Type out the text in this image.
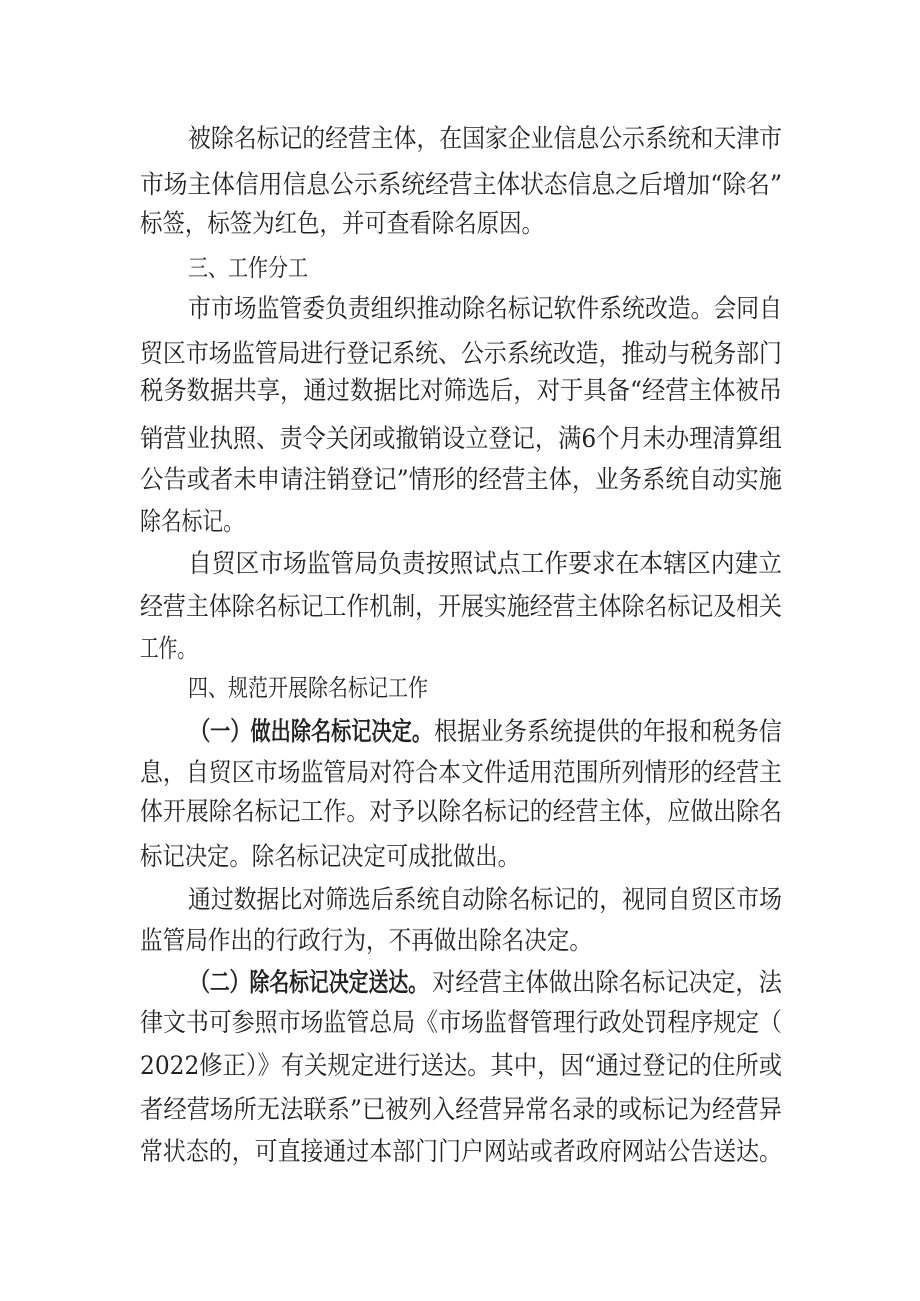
被除名标记的经营主体，在国家企业信息公示系统和天津市
市场主体信用信息公示系统经营主体状态信息之后增加“除名”
标签，标签为红色，并可查看除名原因。
三、工作分工
市市场监管委负责组织推动除名标记软件系统改造。会同自
贸区市场监管局进行登记系统、公示系统改造，推动与税务部门
税务数据共享，通过数据比对筛选后，对于具备“经营主体被吊
销营业执照、责令关闭或撤销设立登记，满6个月未办理清算组
公告或者未申请注销登记”情形的经营主体，业务系统自动实施
除名标记。
自贸区市场监管局负责按照试点工作要求在本辖区内建立
经营主体除名标记工作机制，开展实施经营主体除名标记及相关
工作。
四、规范开展除名标记工作
（一）做出除名标记决定。 根据业务系统提供的年报和税务信
息，自贸区市场监管局对符合本文件适用范围所列情形的经营主
体开展除名标记工作。对予以除名标记的经营主体，应做出除名
标记决定。除名标记决定可成批做出。
通过数据比对筛选后系统自动除名标记的，视同自贸区市场
监管局作出的行政行为，不再做出除名决定。
（二）除名标记决定送达。 对经营主体做出除名标记决定，法
律文书可参照市场监管总局《市场监督管理行政处罚程序规定（
2022修正）》有关规定进行送达。其中，因“通过登记的住所或
者经营场所无法联系”已被列入经营异常名录的或标记为经营异
常状态的，可直接通过本部门门户网站或者政府网站公告送达。
